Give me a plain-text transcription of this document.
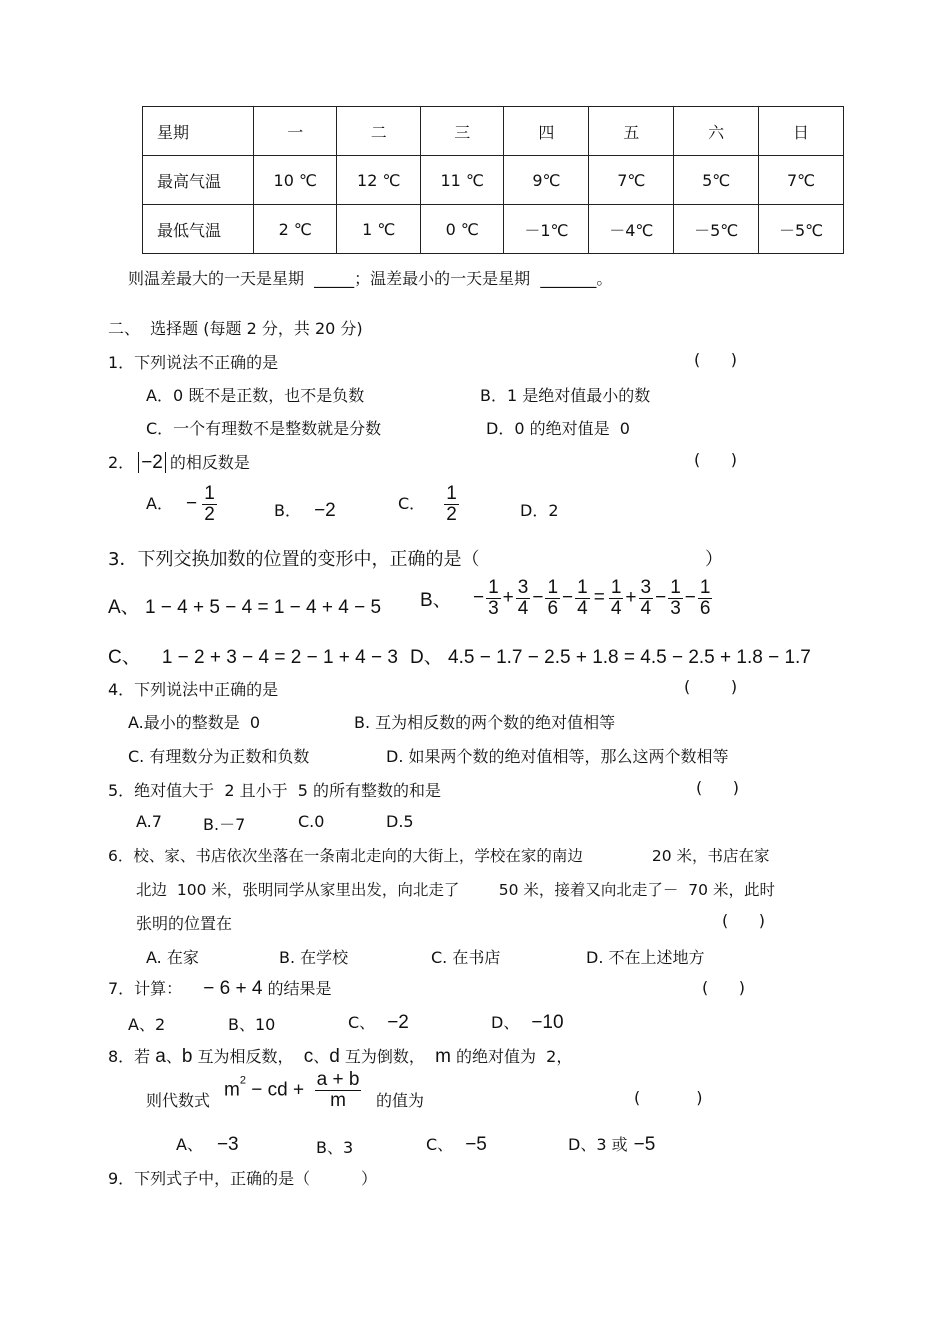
星期	一	二	三	四	五	六	日
最高气温	10 ℃	12 ℃	11 ℃	9℃	7℃	5℃	7℃
最低气温	2 ℃	1 ℃	0 ℃	－1℃	－4℃	－5℃	－5℃
则温差最大的一天是星期  _____；温差最小的一天是星期  _______。
二、  选择题 (每题 2 分，共 20 分)
1．下列说法不正确的是	(      )
A．0 既不是正数，也不是负数	B．1 是绝对值最小的数
C．一个有理数不是整数就是分数	D．0 的绝对值是  0
2． −2 的相反数是	(      )
A． − $\frac{1}{2}$	B． −2	C． $\frac{1}{2}$	D．2
3．下列交换加数的位置的变形中，正确的是（	）
A、 1 − 4 + 5 − 4 = 1 − 4 + 4 − 5 B、 − $\frac{1}{3} + \frac{3}{4} - \frac{1}{6} - \frac{1}{4} = \frac{1}{4} + \frac{3}{4} - \frac{1}{3} - \frac{1}{6}$
C、    1 − 2 + 3 − 4 = 2 − 1 + 4 − 3 D、 4.5 − 1.7 − 2.5 + 1.8 = 4.5 − 2.5 + 1.8 − 1.7
4．下列说法中正确的是	(        )
A.最小的整数是  0	B. 互为相反数的两个数的绝对值相等
C. 有理数分为正数和负数	D. 如果两个数的绝对值相等，那么这两个数相等
5．绝对值大于  2 且小于  5 的所有整数的和是	(      )
A.7	B.－7	C.0	D.5
6．校、家、书店依次坐落在一条南北走向的大街上，学校在家的南边              20 米，书店在家
北边  100 米，张明同学从家里出发，向北走了        50 米，接着又向北走了－  70 米，此时
张明的位置在	(      )
A. 在家	B. 在学校	C. 在书店	D. 不在上述地方
7．计算： − 6 + 4 的结果是	(      )
A、2	B、10	C、 −2	D、 −10
8．若 a、b 互为相反数，  c、d 互为倒数，  m 的绝对值为  2，
则代数式
$m^2$ − cd + $\frac{a + b}{m}$ 的值为	(           )
A、 −3	B、3	C、 −5	D、3 或 −5
9．下列式子中，正确的是（          ）
